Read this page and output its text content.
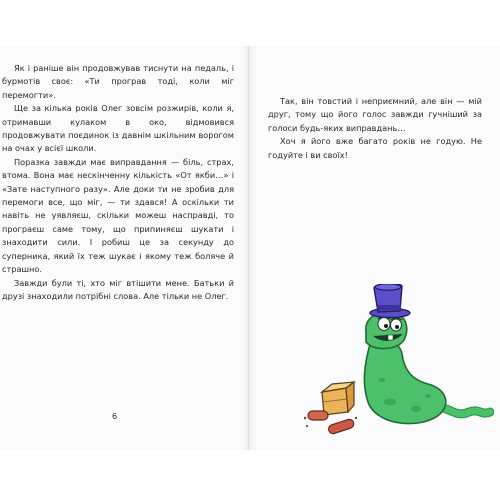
Як і раніше він продовжував тиснути на педаль, і бурмотів своє: «Ти програв тоді, коли міг перемогти».

Ще за кілька років Олег зовсім розжирів, коли я, отримавши кулаком в око, відмовився продовжувати поєдинок із давнім шкільним ворогом на очах у всієї школи.

Поразка завжди має виправдання — біль, страх, втома. Вона має нескінченну кількість «От якби…» і «Зате наступного разу». Але доки ти не зробив для перемоги все, що міг, — ти здався! А оскільки ти навіть не уявляєш, скільки можеш насправді, то програєш саме тому, що припиняєш шукати і знаходити сили. І робиш це за секунду до суперника, який їх теж шукає і якому теж боляче й страшно.

Завжди були ті, хто міг втішити мене. Батьки й друзі знаходили потрібні слова. Але тільки не Олег.

6

Так, він товстий і неприємний, але він — мій друг, тому що його голос завжди гучніший за голоси будь-яких виправдань…

Хоч я його вже багато років не годую. Не годуйте і ви своїх!
